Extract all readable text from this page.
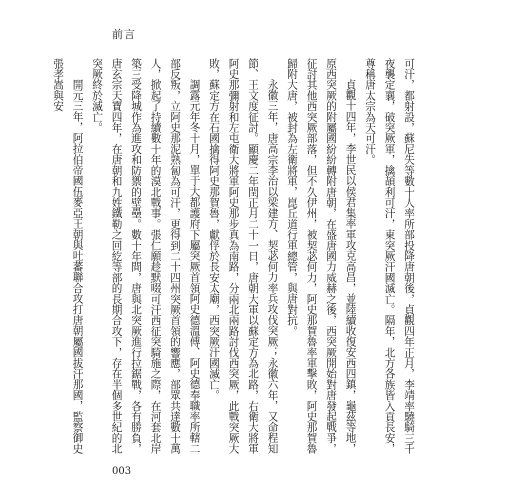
前言

可汗，都射設，蘇尼失等數十人率所部投降唐朝後，貞觀四年正月，李靖率驍騎三千夜襲定襄，破突厥軍，擒頡利可汗，東突厥汗國滅亡。隔年，北方各族皆入貢長安，尊稱唐太宗為天可汗。

貞觀十四年，李世民以侯君集率軍攻克高昌，並陸續收復安西四鎮，龜茲等地，原西突厥的附屬國紛紛轉附唐朝，在盛唐國力威赫之後，西突厥開始對唐發起戰爭，征討其他西突厥部落，但不久伊州，被契苾何力，阿史那賀魯率軍擊敗，阿史那賀魯歸附大唐，被封為左衛將軍，崑丘道行軍總管，與唐對抗。

永徽三年，唐高宗李治以梁建方、契苾何力率兵攻伐突厥；永徽六年，又命程知節、王文度征討。顯慶二年閏正月二十一日，唐朝大軍以蘇定方為北路，右衛大將軍阿史那彌射和左屯衛大將軍阿史那步真為南路，分兩北兩路討伐西突厥，此戰突厥大敗，蘇定方在石國擒得阿史那賀魯，獻俘於長安太廟，西突厥汗國滅亡。

調露元年冬十月，單于大都護府下屬突厥首領阿史德溫傅、阿史德奉職率所轄二部反叛，立阿史那泥熟匐為可汗，更得到二十四州突厥首領的響應，部眾共達數十萬人，掀起了持續數十年的漠北戰事。張仁願趁默啜可汗西征突騎施之際，在河套北岸築三受降城作為進攻和防禦的壁壘。數十年間，唐與北突厥進行拉鋸戰，各有勝負，唐玄宗天寶四年，在唐朝和九姓鐵勒之回紇等部的長期合攻下，存在半個多世紀的北突厥終於滅亡。

開元三年，阿拉伯帝國伍麥亞王朝與吐蕃聯合攻打唐朝屬國拔汗那國，監察御史張孝嵩與安

003
